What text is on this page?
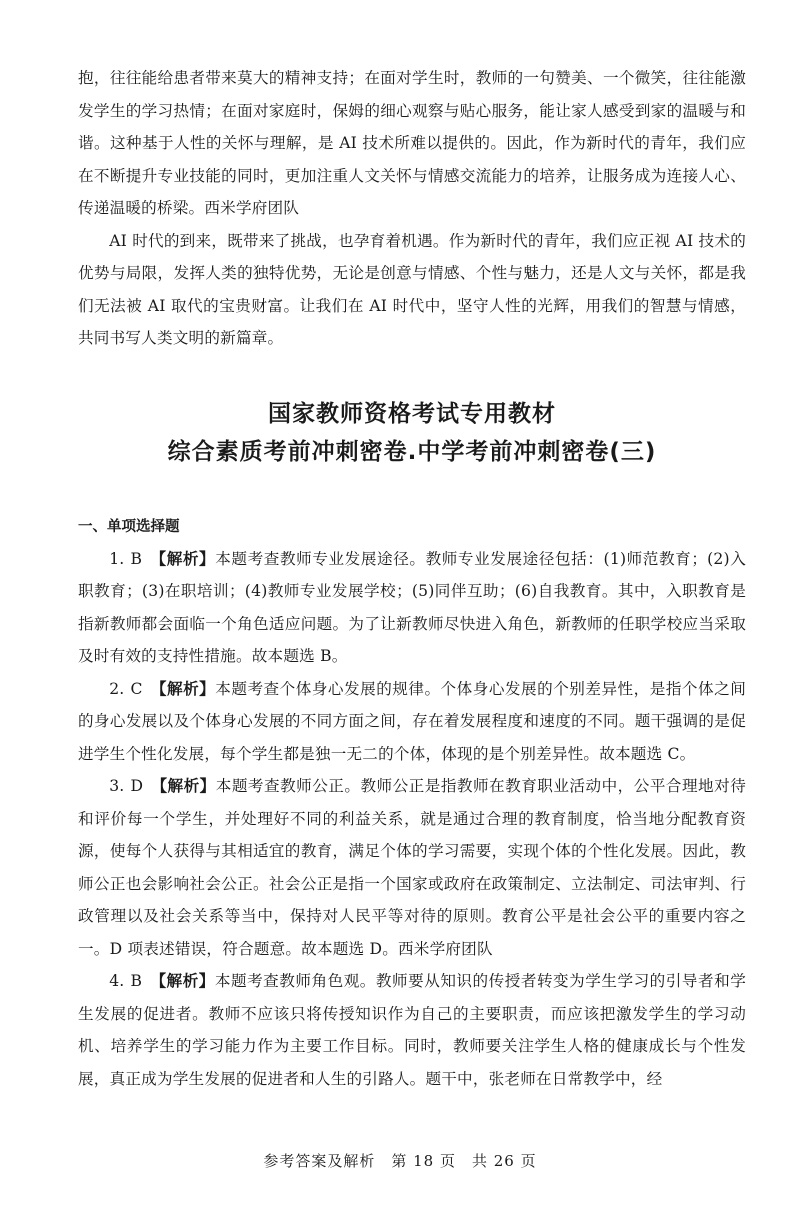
抱，往往能给患者带来莫大的精神支持；在面对学生时，教师的一句赞美、一个微笑，往往能激发学生的学习热情；在面对家庭时，保姆的细心观察与贴心服务，能让家人感受到家的温暖与和谐。这种基于人性的关怀与理解，是 AI 技术所难以提供的。因此，作为新时代的青年，我们应在不断提升专业技能的同时，更加注重人文关怀与情感交流能力的培养，让服务成为连接人心、传递温暖的桥梁。西米学府团队

AI 时代的到来，既带来了挑战，也孕育着机遇。作为新时代的青年，我们应正视 AI 技术的优势与局限，发挥人类的独特优势，无论是创意与情感、个性与魅力，还是人文与关怀，都是我们无法被 AI 取代的宝贵财富。让我们在 AI 时代中，坚守人性的光辉，用我们的智慧与情感，共同书写人类文明的新篇章。

国家教师资格考试专用教材
综合素质考前冲刺密卷.中学考前冲刺密卷(三)
一、单项选择题

1. B 【解析】本题考查教师专业发展途径。教师专业发展途径包括：(1)师范教育；(2)入职教育；(3)在职培训；(4)教师专业发展学校；(5)同伴互助；(6)自我教育。其中，入职教育是指新教师都会面临一个角色适应问题。为了让新教师尽快进入角色，新教师的任职学校应当采取及时有效的支持性措施。故本题选 B。

2. C 【解析】本题考查个体身心发展的规律。个体身心发展的个别差异性，是指个体之间的身心发展以及个体身心发展的不同方面之间，存在着发展程度和速度的不同。题干强调的是促进学生个性化发展，每个学生都是独一无二的个体，体现的是个别差异性。故本题选 C。

3. D 【解析】本题考查教师公正。教师公正是指教师在教育职业活动中，公平合理地对待和评价每一个学生，并处理好不同的利益关系，就是通过合理的教育制度，恰当地分配教育资源，使每个人获得与其相适宜的教育，满足个体的学习需要，实现个体的个性化发展。因此，教师公正也会影响社会公正。社会公正是指一个国家或政府在政策制定、立法制定、司法审判、行政管理以及社会关系等当中，保持对人民平等对待的原则。教育公平是社会公平的重要内容之一。D 项表述错误，符合题意。故本题选 D。西米学府团队

4. B 【解析】本题考查教师角色观。教师要从知识的传授者转变为学生学习的引导者和学生发展的促进者。教师不应该只将传授知识作为自己的主要职责，而应该把激发学生的学习动机、培养学生的学习能力作为主要工作目标。同时，教师要关注学生人格的健康成长与个性发展，真正成为学生发展的促进者和人生的引路人。题干中，张老师在日常教学中，经

参考答案及解析　第 18 页　共 26 页
